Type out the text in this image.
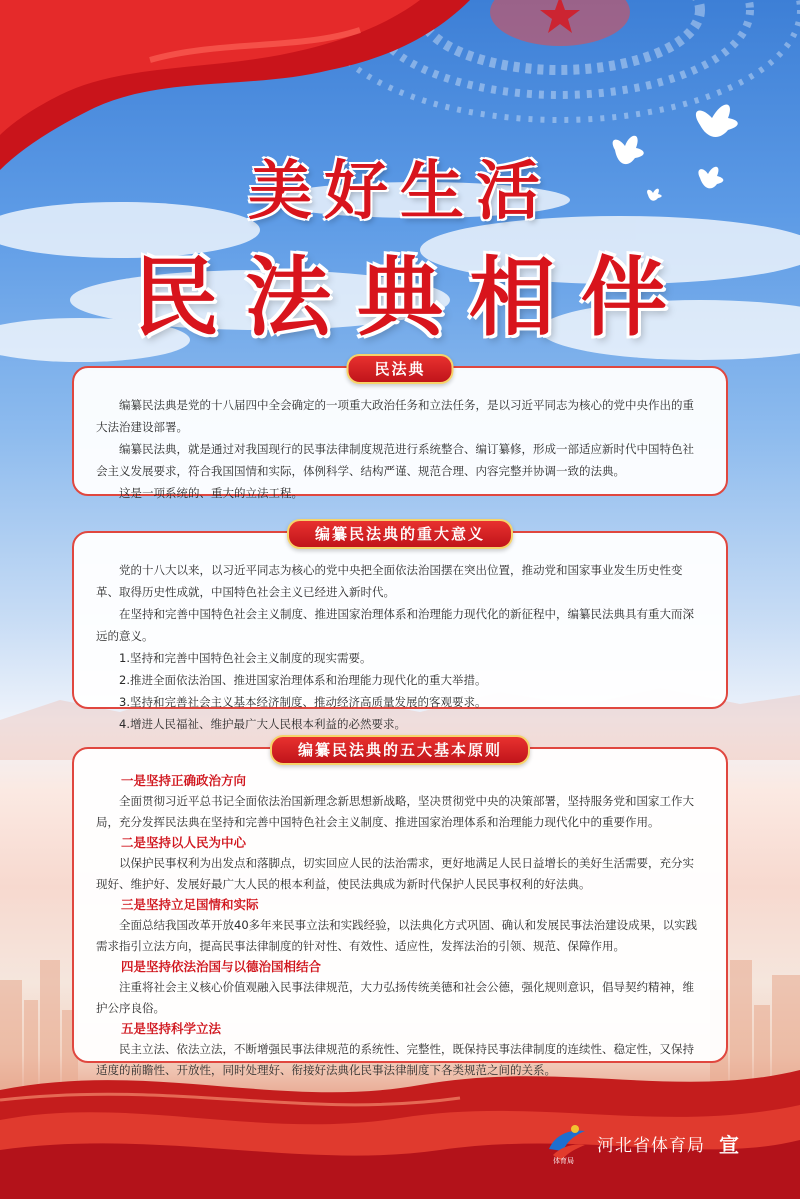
美好生活
民法典相伴
民法典

编纂民法典是党的十八届四中全会确定的一项重大政治任务和立法任务，是以习近平同志为核心的党中央作出的重大法治建设部署。

编纂民法典，就是通过对我国现行的民事法律制度规范进行系统整合、编订纂修，形成一部适应新时代中国特色社会主义发展要求，符合我国国情和实际，体例科学、结构严谨、规范合理、内容完整并协调一致的法典。

这是一项系统的、重大的立法工程。

编纂民法典的重大意义

党的十八大以来，以习近平同志为核心的党中央把全面依法治国摆在突出位置，推动党和国家事业发生历史性变革、取得历史性成就，中国特色社会主义已经进入新时代。

在坚持和完善中国特色社会主义制度、推进国家治理体系和治理能力现代化的新征程中，编纂民法典具有重大而深远的意义。

1.坚持和完善中国特色社会主义制度的现实需要。

2.推进全面依法治国、推进国家治理体系和治理能力现代化的重大举措。

3.坚持和完善社会主义基本经济制度、推动经济高质量发展的客观要求。

4.增进人民福祉、维护最广大人民根本利益的必然要求。

编纂民法典的五大基本原则

一是坚持正确政治方向

全面贯彻习近平总书记全面依法治国新理念新思想新战略，坚决贯彻党中央的决策部署，坚持服务党和国家工作大局，充分发挥民法典在坚持和完善中国特色社会主义制度、推进国家治理体系和治理能力现代化中的重要作用。

二是坚持以人民为中心

以保护民事权利为出发点和落脚点，切实回应人民的法治需求，更好地满足人民日益增长的美好生活需要，充分实现好、维护好、发展好最广大人民的根本利益，使民法典成为新时代保护人民民事权利的好法典。

三是坚持立足国情和实际

全面总结我国改革开放40多年来民事立法和实践经验，以法典化方式巩固、确认和发展民事法治建设成果，以实践需求指引立法方向，提高民事法律制度的针对性、有效性、适应性，发挥法治的引领、规范、保障作用。

四是坚持依法治国与以德治国相结合

注重将社会主义核心价值观融入民事法律规范，大力弘扬传统美德和社会公德，强化规则意识，倡导契约精神，维护公序良俗。

五是坚持科学立法

民主立法、依法立法，不断增强民事法律规范的系统性、完整性，既保持民事法律制度的连续性、稳定性，又保持适度的前瞻性、开放性，同时处理好、衔接好法典化民事法律制度下各类规范之间的关系。

体育局
河北省体育局 宣
